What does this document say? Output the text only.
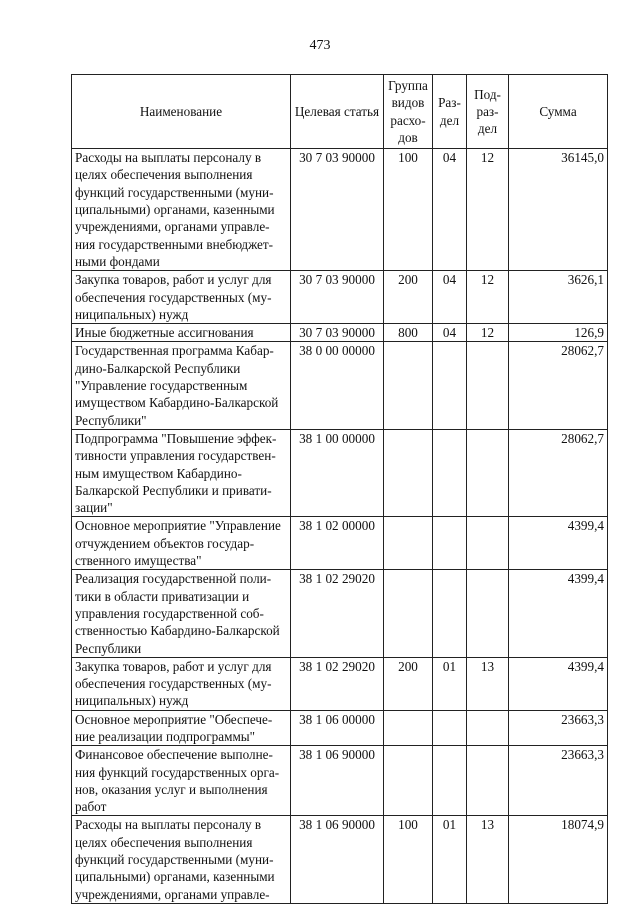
473
Наименование	Целевая статья	Группа видов расхо-дов	Раз-дел	Под-раз-дел	Сумма
Расходы на выплаты персоналу в целях обеспечения выполнения функций государственными (муни-ципальными) органами, казенными учреждениями, органами управле-ния государственными внебюджет-ными фондами	30 7 03 90000	100	04	12	36145,0
Закупка товаров, работ и услуг для обеспечения государственных (му-ниципальных) нужд	30 7 03 90000	200	04	12	3626,1
Иные бюджетные ассигнования	30 7 03 90000	800	04	12	126,9
Государственная программа Кабар-дино-Балкарской Республики "Управление государственным имуществом Кабардино-Балкарской Республики"	38 0 00 00000				28062,7
Подпрограмма "Повышение эффек-тивности управления государствен-ным имуществом Кабардино-Балкарской Республики и привати-зации"	38 1 00 00000				28062,7
Основное мероприятие "Управление отчуждением объектов государ-ственного имущества"	38 1 02 00000				4399,4
Реализация государственной поли-тики в области приватизации и управления государственной соб-ственностью Кабардино-Балкарской Республики	38 1 02 29020				4399,4
Закупка товаров, работ и услуг для обеспечения государственных (му-ниципальных) нужд	38 1 02 29020	200	01	13	4399,4
Основное мероприятие "Обеспече-ние реализации подпрограммы"	38 1 06 00000				23663,3
Финансовое обеспечение выполне-ния функций государственных орга-нов, оказания услуг и выполнения работ	38 1 06 90000				23663,3
Расходы на выплаты персоналу в целях обеспечения выполнения функций государственными (муни-ципальными) органами, казенными учреждениями, органами управле-	38 1 06 90000	100	01	13	18074,9
